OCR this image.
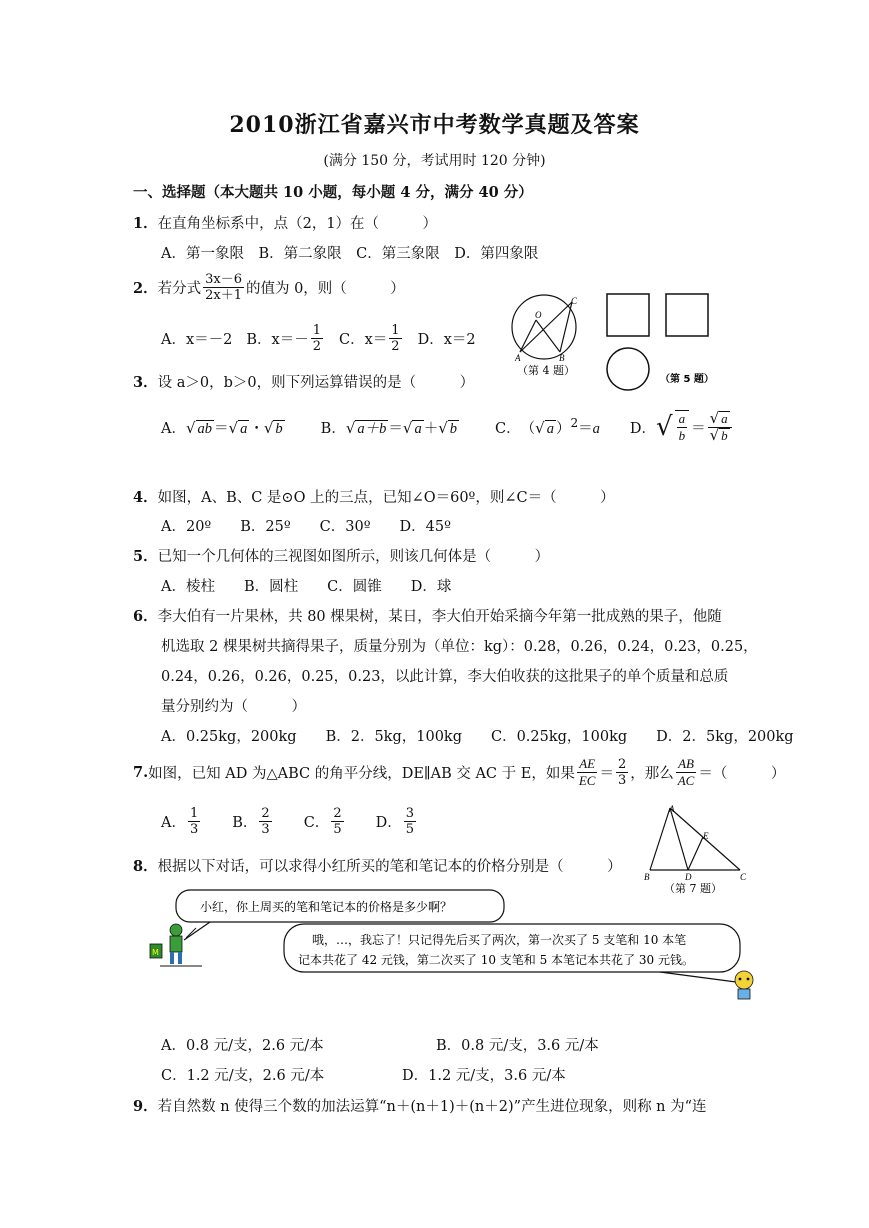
2010浙江省嘉兴市中考数学真题及答案
(满分 150 分，考试用时 120 分钟)
一、选择题（本大题共 10 小题，每小题 4 分，满分 40 分）
1．在直角坐标系中，点（2，1）在（　　　）
A．第一象限　B．第二象限　C．第三象限　D．第四象限
2． 若分式 $\frac{3x-6}{2x+1}$ 的值为 0，则（　　　）
A．x＝－2 B．$x=- \frac{1}{2}$ C．$x= \frac{1}{2}$ D．x＝2
3．设 a＞0，b＞0，则下列运算错误的是（　　　）
A． √ ab ＝√ a ・√ b	B． √ a＋b ＝√ a ＋√ b	C． （√ a ）$^2$＝a D． √ $\frac{a}{b} = \frac{√ a}{√ b}$
O
C
A	B
（第 4 题）
（第 5 题）
4．如图，A、B、C 是⊙O 上的三点，已知∠O＝60º，则∠C＝（　　　）
A．20º　　B．25º　　C．30º　　D．45º
5．已知一个几何体的三视图如图所示，则该几何体是（　　　）
A．棱柱　　B．圆柱　　C．圆锥　　D．球
6．李大伯有一片果林，共 80 棵果树，某日，李大伯开始采摘今年第一批成熟的果子，他随
机选取 2 棵果树共摘得果子，质量分别为（单位：kg）：0.28，0.26，0.24，0.23，0.25，
0.24，0.26，0.26，0.25，0.23，以此计算，李大伯收获的这批果子的单个质量和总质
量分别约为（　　　）
A．0.25kg，200kg　　B．2．5kg，100kg　　C．0.25kg，100kg　　D．2．5kg，200kg
7. 如图，已知 AD 为△ABC 的角平分线，DE∥AB 交 AC 于 E，如果 $\frac{AE}{EC} = \frac{2}{3}$ ，那么 $\frac{AB}{AC}$ ＝（　　　）
A． $\frac{1}{3}$ B． $\frac{2}{3}$ C． $\frac{2}{5}$ D． $\frac{3}{5}$	A
E
B	D	C
（第 7 题）
8．根据以下对话，可以求得小红所买的笔和笔记本的价格分别是（　　　）
M
小红，你上周买的笔和笔记本的价格是多少啊？
哦，…，我忘了！只记得先后买了两次，第一次买了 5 支笔和 10 本笔
记本共花了 42 元钱，第二次买了 10 支笔和 5 本笔记本共花了 30 元钱。
A．0.8 元/支，2.6 元/本	B．0.8 元/支，3.6 元/本
C．1.2 元/支，2.6 元/本	D．1.2 元/支，3.6 元/本
9．若自然数 n 使得三个数的加法运算“n＋(n＋1)＋(n＋2)”产生进位现象，则称 n 为“连
